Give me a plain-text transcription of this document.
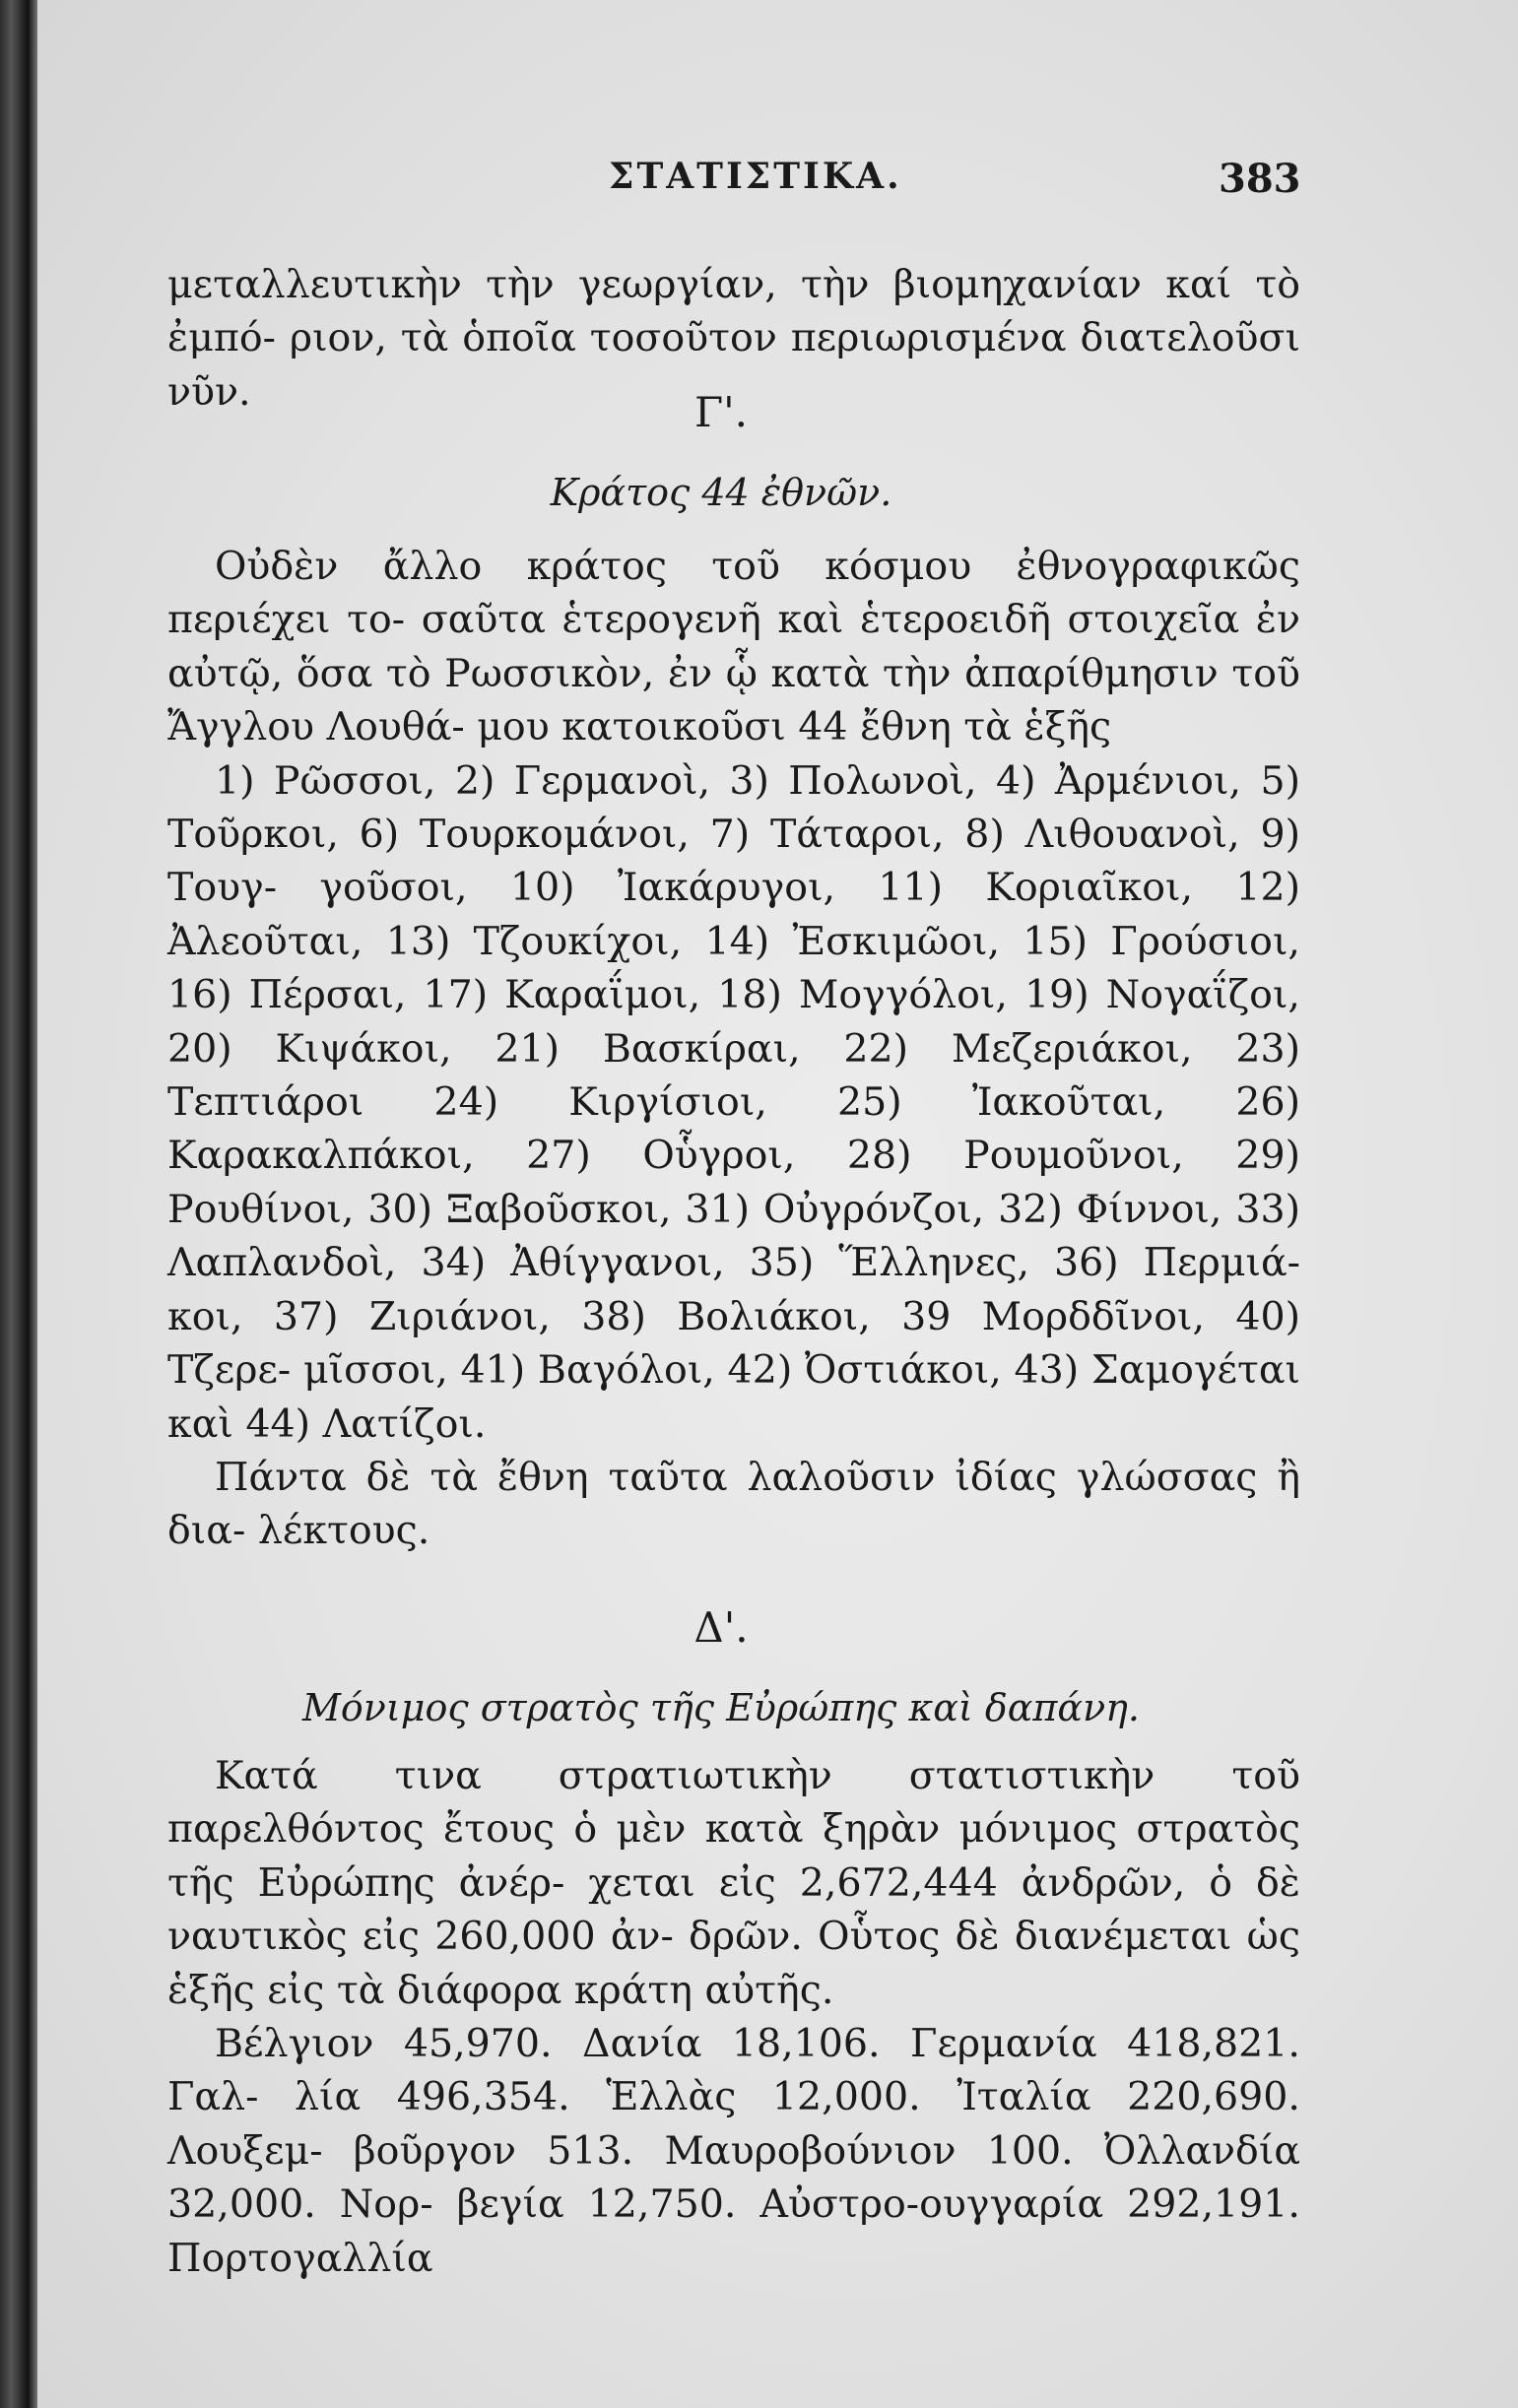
ΣΤΑΤΙΣΤΙΚΑ.	383

μεταλλευτικὴν τὴν γεωργίαν, τὴν βιομηχανίαν καί τὸ ἐμπό- ριον, τὰ ὁποῖα τοσοῦτον περιωρισμένα διατελοῦσι νῦν.	Γ'.
Κράτος 44 ἐθνῶν.

Οὐδὲν ἄλλο κράτος τοῦ κόσμου ἐθνογραφικῶς περιέχει το- σαῦτα ἑτερογενῆ καὶ ἑτεροειδῆ στοιχεῖα ἐν αὐτῷ, ὅσα τὸ Ρωσσικὸν, ἐν ᾧ κατὰ τὴν ἀπαρίθμησιν τοῦ Ἄγγλου Λουθά- μου κατοικοῦσι 44 ἔθνη τὰ ἑξῆς

1) Ρῶσσοι, 2) Γερμανοὶ, 3) Πολωνοὶ, 4) Ἀρμένιοι, 5) Τοῦρκοι, 6) Τουρκομάνοι, 7) Τάταροι, 8) Λιθουανοὶ, 9) Τουγ- γοῦσοι, 10) Ἰακάρυγοι, 11) Κοριαῖκοι, 12) Ἀλεοῦται, 13) Τζουκίχοι, 14) Ἐσκιμῶοι, 15) Γρούσιοι, 16) Πέρσαι, 17) Καραΐμοι, 18) Μογγόλοι, 19) Νογαΐζοι, 20) Κιψάκοι, 21) Βασκίραι, 22) Μεζεριάκοι, 23) Τεπτιάροι 24) Κιργίσιοι, 25) Ἰακοῦται, 26) Καρακαλπάκοι, 27) Οὗγροι, 28) Ρουμοῦνοι, 29) Ρουθίνοι, 30) Ξαβοῦσκοι, 31) Οὐγρόνζοι, 32) Φίννοι, 33) Λαπλανδοὶ, 34) Ἀθίγγανοι, 35) Ἕλληνες, 36) Περμιά- κοι, 37) Ζιριάνοι, 38) Βολιάκοι, 39 Μορδδῖνοι, 40) Τζερε- μῖσσοι, 41) Βαγόλοι, 42) Ὀστιάκοι, 43) Σαμογέται καὶ 44) Λατίζοι.

Πάντα δὲ τὰ ἔθνη ταῦτα λαλοῦσιν ἰδίας γλώσσας ἢ δια- λέκτους.

Δ'.
Μόνιμος στρατὸς τῆς Εὐρώπης καὶ δαπάνη.

Κατά τινα στρατιωτικὴν στατιστικὴν τοῦ παρελθόντος ἔτους ὁ μὲν κατὰ ξηρὰν μόνιμος στρατὸς τῆς Εὐρώπης ἀνέρ- χεται εἰς 2,672,444 ἀνδρῶν, ὁ δὲ ναυτικὸς εἰς 260,000 ἀν- δρῶν. Οὗτος δὲ διανέμεται ὡς ἑξῆς εἰς τὰ διάφορα κράτη αὐτῆς.

Βέλγιον 45,970. Δανία 18,106. Γερμανία 418,821. Γαλ- λία 496,354. Ἑλλὰς 12,000. Ἰταλία 220,690. Λουξεμ- βοῦργον 513. Μαυροβούνιον 100. Ὀλλανδία 32,000. Νορ- βεγία 12,750. Αὐστρο-ουγγαρία 292,191. Πορτογαλλία
